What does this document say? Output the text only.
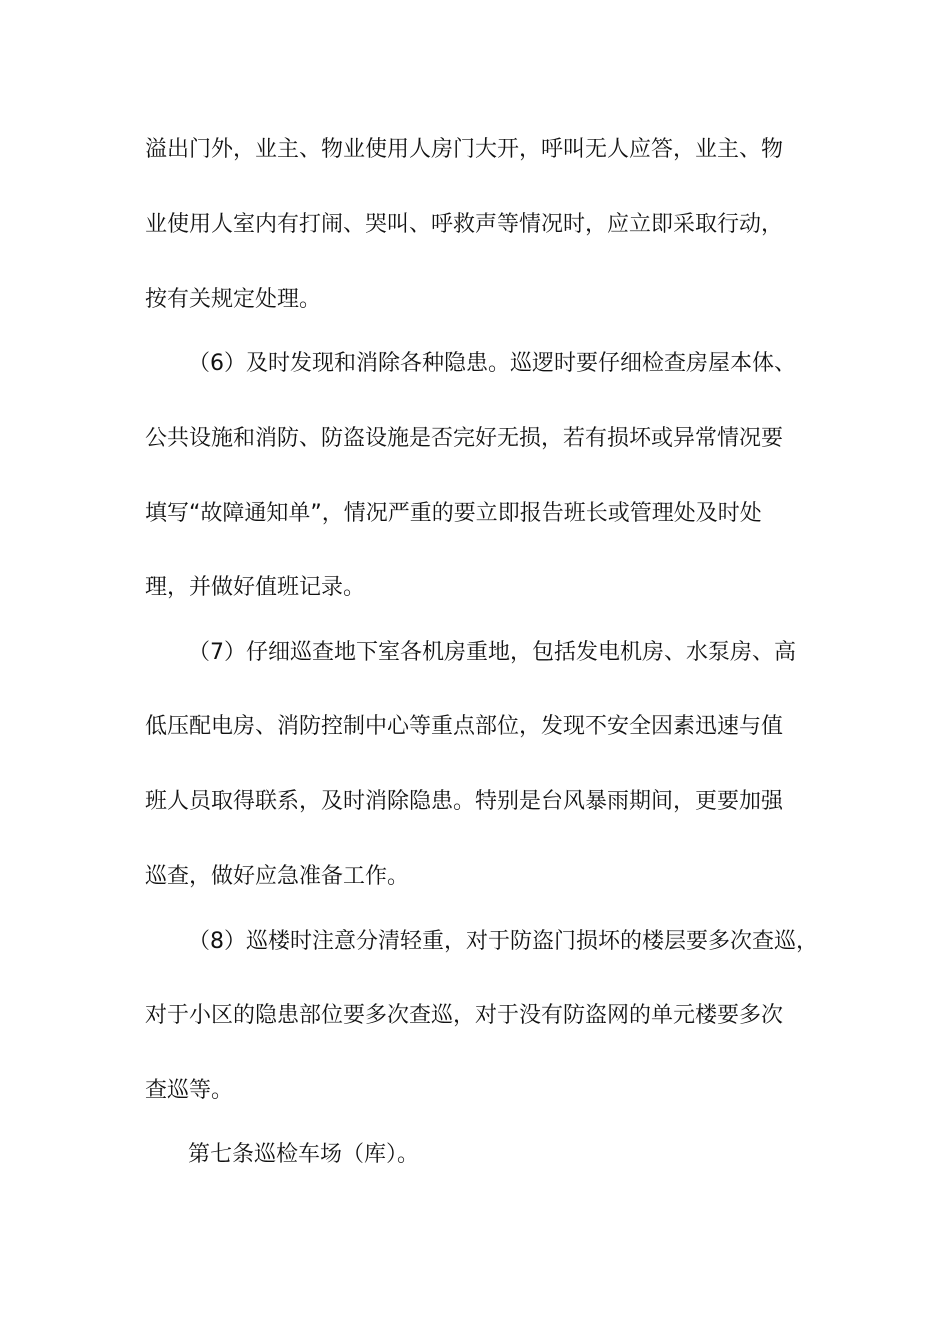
溢出门外，业主、物业使用人房门大开，呼叫无人应答，业主、物
业使用人室内有打闹、哭叫、呼救声等情况时，应立即采取行动，
按有关规定处理。
（6）及时发现和消除各种隐患。巡逻时要仔细检查房屋本体、
公共设施和消防、防盗设施是否完好无损，若有损坏或异常情况要
填写“故障通知单”，情况严重的要立即报告班长或管理处及时处
理，并做好值班记录。
（7）仔细巡查地下室各机房重地，包括发电机房、水泵房、高
低压配电房、消防控制中心等重点部位，发现不安全因素迅速与值
班人员取得联系，及时消除隐患。特别是台风暴雨期间，更要加强
巡查，做好应急准备工作。
（8）巡楼时注意分清轻重，对于防盗门损坏的楼层要多次查巡，
对于小区的隐患部位要多次查巡，对于没有防盗网的单元楼要多次
查巡等。
第七条巡检车场（库）。
